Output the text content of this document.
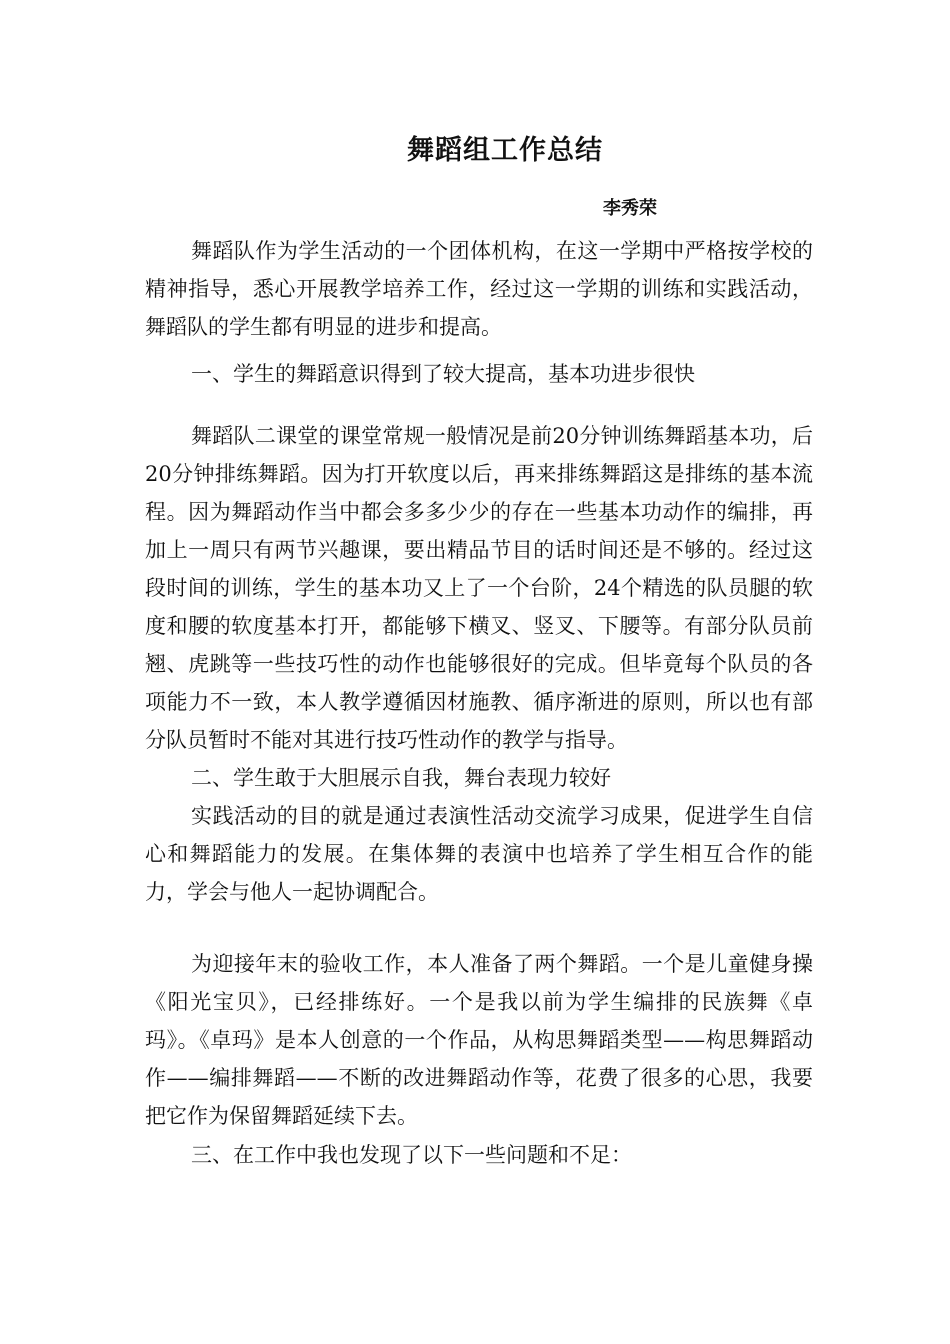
舞蹈组工作总结

李秀荣

舞蹈队作为学生活动的一个团体机构，在这一学期中严格按学校的精神指导，悉心开展教学培养工作，经过这一学期的训练和实践活动，舞蹈队的学生都有明显的进步和提高。

一、学生的舞蹈意识得到了较大提高，基本功进步很快

舞蹈队二课堂的课堂常规一般情况是前20分钟训练舞蹈基本功，后20分钟排练舞蹈。因为打开软度以后，再来排练舞蹈这是排练的基本流程。因为舞蹈动作当中都会多多少少的存在一些基本功动作的编排，再加上一周只有两节兴趣课，要出精品节目的话时间还是不够的。经过这段时间的训练，学生的基本功又上了一个台阶，24个精选的队员腿的软度和腰的软度基本打开，都能够下横叉、竖叉、下腰等。有部分队员前翘、虎跳等一些技巧性的动作也能够很好的完成。但毕竟每个队员的各项能力不一致，本人教学遵循因材施教、循序渐进的原则，所以也有部分队员暂时不能对其进行技巧性动作的教学与指导。

二、学生敢于大胆展示自我，舞台表现力较好

实践活动的目的就是通过表演性活动交流学习成果，促进学生自信心和舞蹈能力的发展。在集体舞的表演中也培养了学生相互合作的能力，学会与他人一起协调配合。

为迎接年末的验收工作，本人准备了两个舞蹈。一个是儿童健身操《阳光宝贝》，已经排练好。一个是我以前为学生编排的民族舞《卓玛》。《卓玛》是本人创意的一个作品，从构思舞蹈类型——构思舞蹈动作——编排舞蹈——不断的改进舞蹈动作等，花费了很多的心思，我要把它作为保留舞蹈延续下去。

三、在工作中我也发现了以下一些问题和不足：
